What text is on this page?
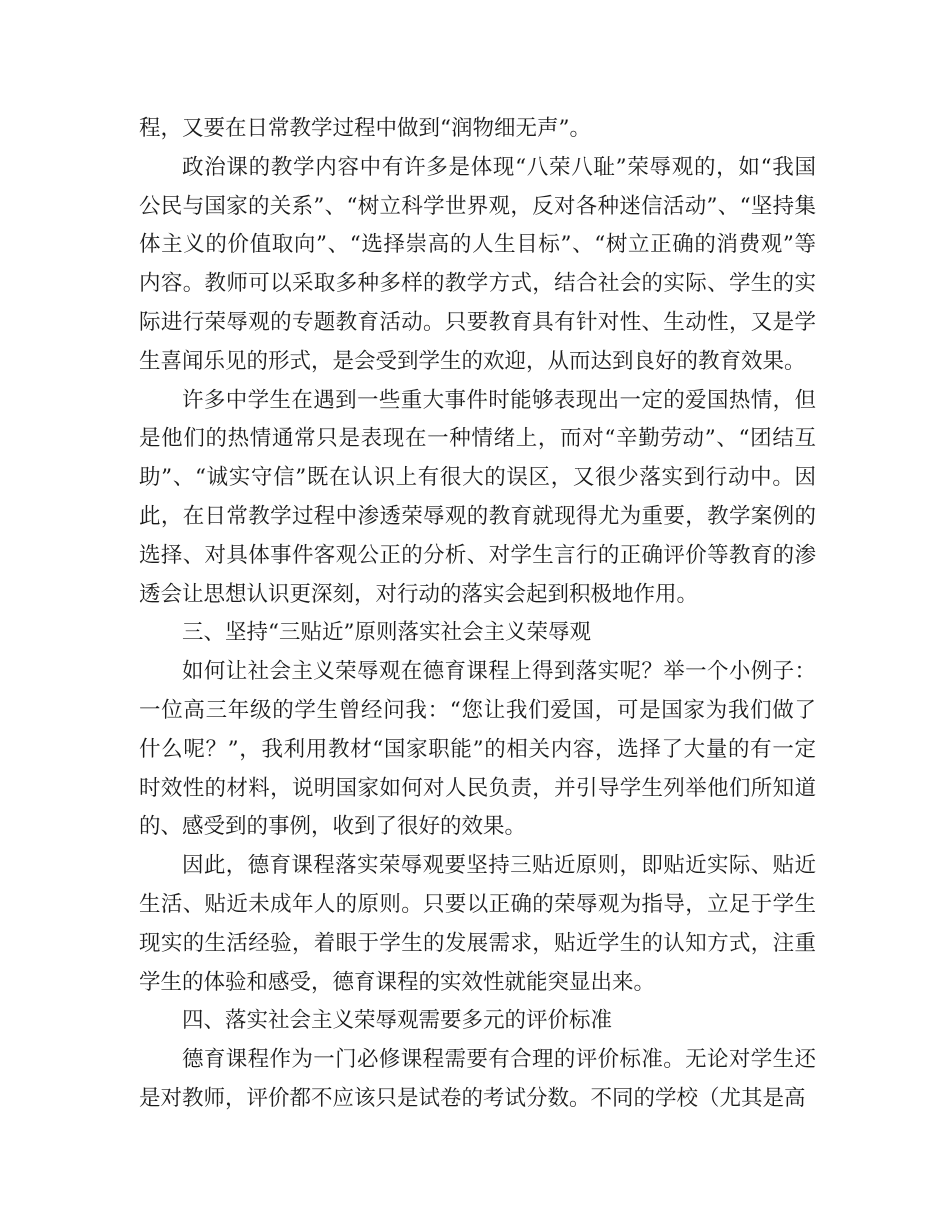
程，又要在日常教学过程中做到“润物细无声”。

政治课的教学内容中有许多是体现“八荣八耻”荣辱观的，如“我国公民与国家的关系”、“树立科学世界观，反对各种迷信活动”、“坚持集体主义的价值取向”、“选择崇高的人生目标”、“树立正确的消费观”等内容。教师可以采取多种多样的教学方式，结合社会的实际、学生的实际进行荣辱观的专题教育活动。只要教育具有针对性、生动性，又是学生喜闻乐见的形式，是会受到学生的欢迎，从而达到良好的教育效果。

许多中学生在遇到一些重大事件时能够表现出一定的爱国热情，但是他们的热情通常只是表现在一种情绪上，而对“辛勤劳动”、“团结互助”、“诚实守信”既在认识上有很大的误区，又很少落实到行动中。因此，在日常教学过程中渗透荣辱观的教育就现得尤为重要，教学案例的选择、对具体事件客观公正的分析、对学生言行的正确评价等教育的渗透会让思想认识更深刻，对行动的落实会起到积极地作用。

三、坚持“三贴近”原则落实社会主义荣辱观

如何让社会主义荣辱观在德育课程上得到落实呢？举一个小例子：一位高三年级的学生曾经问我：“您让我们爱国，可是国家为我们做了什么呢？”，我利用教材“国家职能”的相关内容，选择了大量的有一定时效性的材料，说明国家如何对人民负责，并引导学生列举他们所知道的、感受到的事例，收到了很好的效果。

因此，德育课程落实荣辱观要坚持三贴近原则，即贴近实际、贴近生活、贴近未成年人的原则。只要以正确的荣辱观为指导，立足于学生现实的生活经验，着眼于学生的发展需求，贴近学生的认知方式，注重学生的体验和感受，德育课程的实效性就能突显出来。

四、落实社会主义荣辱观需要多元的评价标准

德育课程作为一门必修课程需要有合理的评价标准。无论对学生还是对教师，评价都不应该只是试卷的考试分数。不同的学校（尤其是高
